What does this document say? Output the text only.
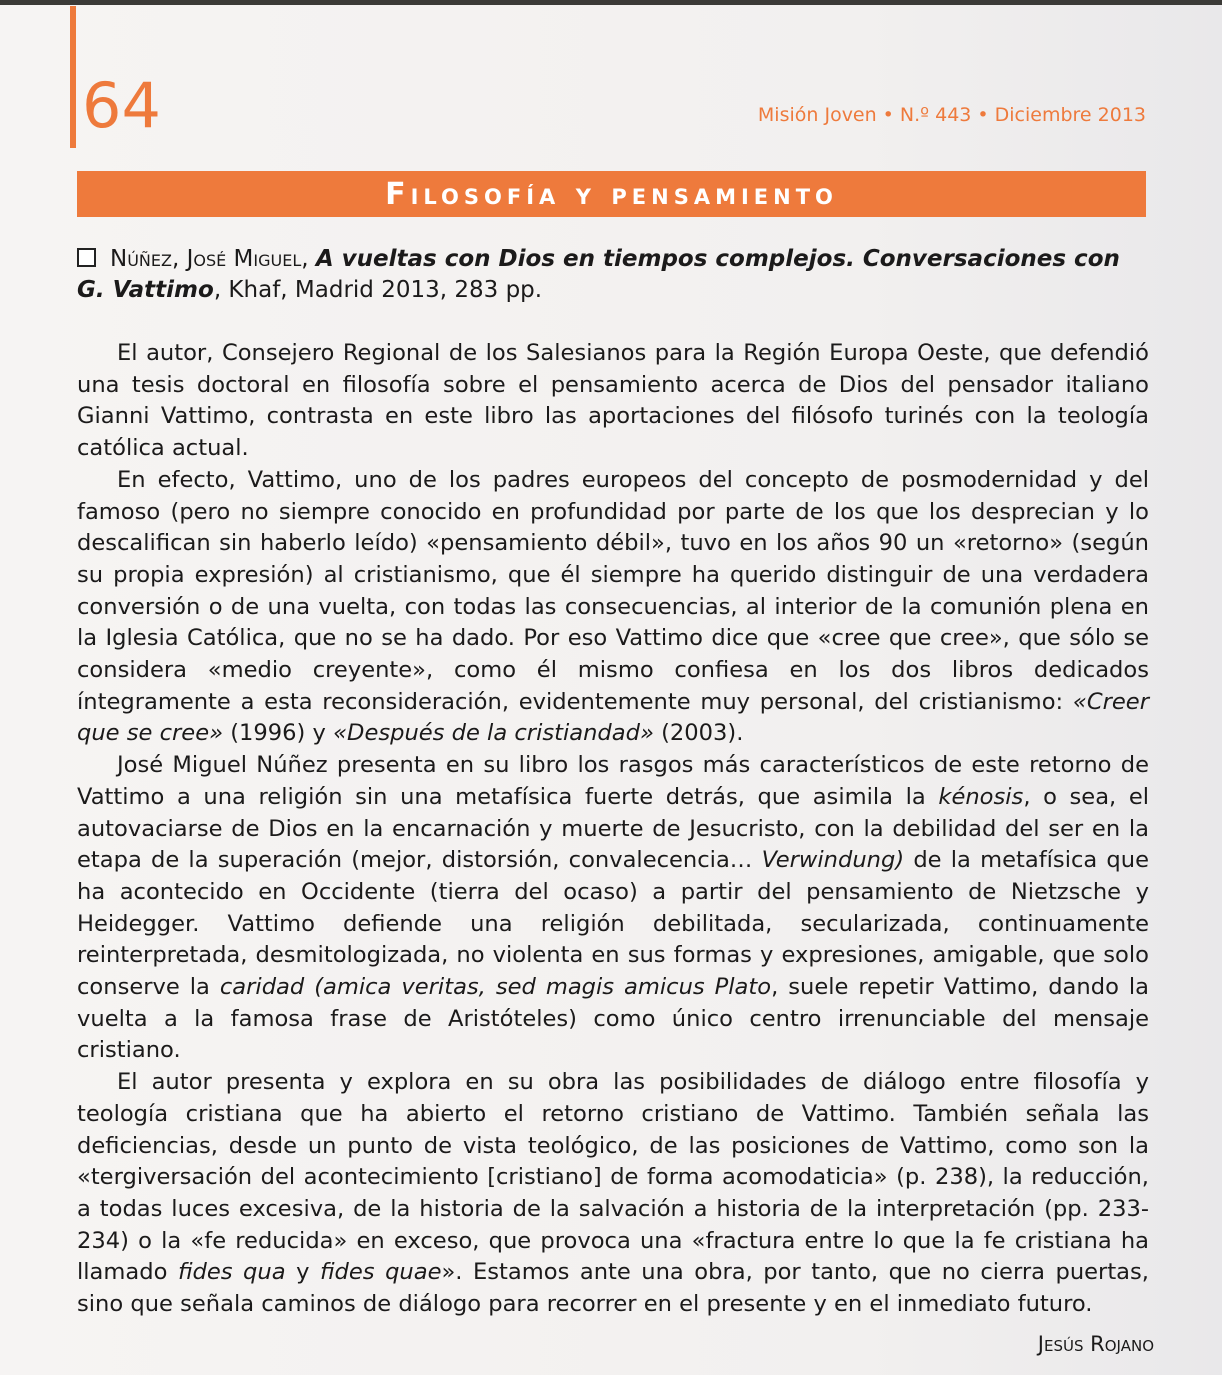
64	Misión Joven • N.º 443 • Diciembre 2013
Filosofía y pensamiento
Núñez, José Miguel, A vueltas con Dios en tiempos complejos. Conversaciones con G. Vattimo, Khaf, Madrid 2013, 283 pp.

El autor, Consejero Regional de los Salesianos para la Región Europa Oeste, que defendió una tesis doctoral en filosofía sobre el pensamiento acerca de Dios del pensador italiano Gianni Vattimo, contrasta en este libro las aportaciones del filósofo turinés con la teología católica actual.

En efecto, Vattimo, uno de los padres europeos del concepto de posmodernidad y del famoso (pero no siempre conocido en profundidad por parte de los que los desprecian y lo descalifican sin haberlo leído) «pensamiento débil», tuvo en los años 90 un «retorno» (según su propia expresión) al cristianismo, que él siempre ha querido distinguir de una verdadera conversión o de una vuelta, con todas las consecuencias, al interior de la comunión plena en la Iglesia Católica, que no se ha dado. Por eso Vattimo dice que «cree que cree», que sólo se considera «medio creyente», como él mismo confiesa en los dos libros dedicados íntegramente a esta reconsideración, evidentemente muy personal, del cristianismo: «Creer que se cree» (1996) y «Después de la cristiandad» (2003).

José Miguel Núñez presenta en su libro los rasgos más característicos de este retorno de Vattimo a una religión sin una metafísica fuerte detrás, que asimila la kénosis, o sea, el autovaciarse de Dios en la encarnación y muerte de Jesucristo, con la debilidad del ser en la etapa de la superación (mejor, distorsión, convalecencia… Verwindung) de la metafísica que ha acontecido en Occidente (tierra del ocaso) a partir del pensamiento de Nietzsche y Heidegger. Vattimo defiende una religión debilitada, secularizada, continuamente reinterpretada, desmitologizada, no violenta en sus formas y expresiones, amigable, que solo conserve la caridad (amica veritas, sed magis amicus Plato, suele repetir Vattimo, dando la vuelta a la famosa frase de Aristóteles) como único centro irrenunciable del mensaje cristiano.

El autor presenta y explora en su obra las posibilidades de diálogo entre filosofía y teología cristiana que ha abierto el retorno cristiano de Vattimo. También señala las deficiencias, desde un punto de vista teológico, de las posiciones de Vattimo, como son la «tergiversación del acontecimiento [cristiano] de forma acomodaticia» (p. 238), la reducción, a todas luces excesiva, de la historia de la salvación a historia de la interpretación (pp. 233-234) o la «fe reducida» en exceso, que provoca una «fractura entre lo que la fe cristiana ha llamado fides qua y fides quae». Estamos ante una obra, por tanto, que no cierra puertas, sino que señala caminos de diálogo para recorrer en el presente y en el inmediato futuro.

Jesús Rojano
